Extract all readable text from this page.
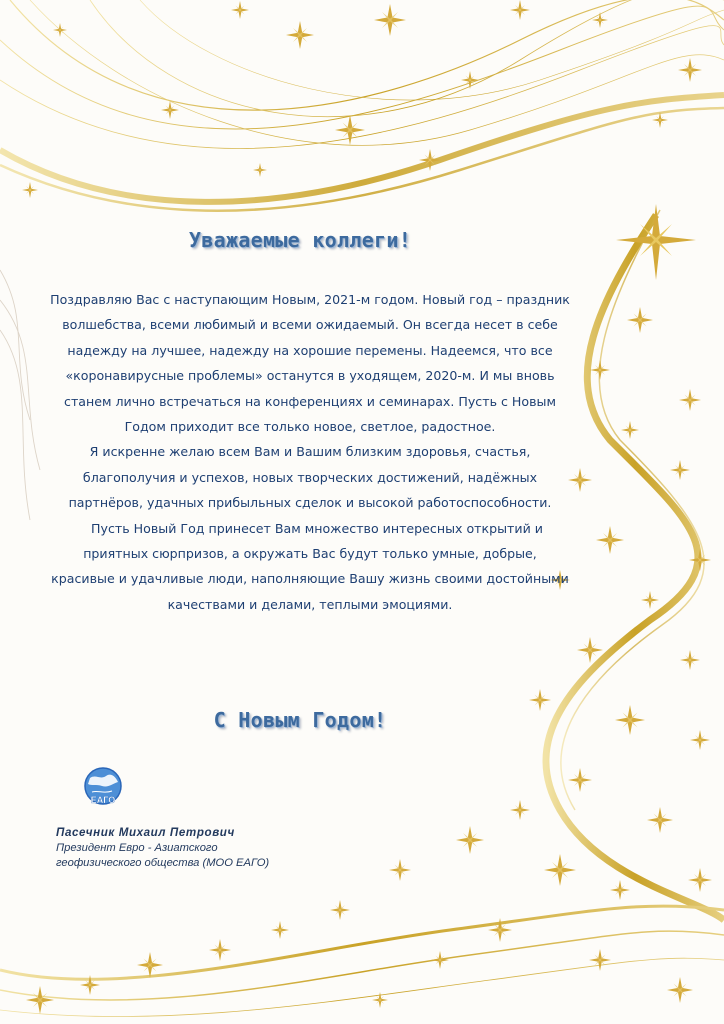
Уважаемые коллеги!

Поздравляю Вас с наступающим Новым, 2021-м годом. Новый год – праздник волшебства, всеми любимый и всеми ожидаемый. Он всегда несет в себе надежду на лучшее, надежду на хорошие перемены. Надеемся, что все «коронавирусные проблемы» останутся в уходящем, 2020-м. И мы вновь станем лично встречаться на конференциях и семинарах. Пусть с Новым Годом приходит все только новое, светлое, радостное.

Я искренне желаю всем Вам и Вашим близким здоровья, счастья, благополучия и успехов, новых творческих достижений, надёжных партнёров, удачных прибыльных сделок и высокой работоспособности.

Пусть Новый Год принесет Вам множество интересных открытий и приятных сюрпризов, а окружать Вас будут только умные, добрые, красивые и удачливые люди, наполняющие Вашу жизнь своими достойными качествами и делами, теплыми эмоциями.

С Новым Годом!
ЕАГО

Пасечник Михаил Петрович

Президент Евро - Азиатского

геофизического общества (МОО ЕАГО)
